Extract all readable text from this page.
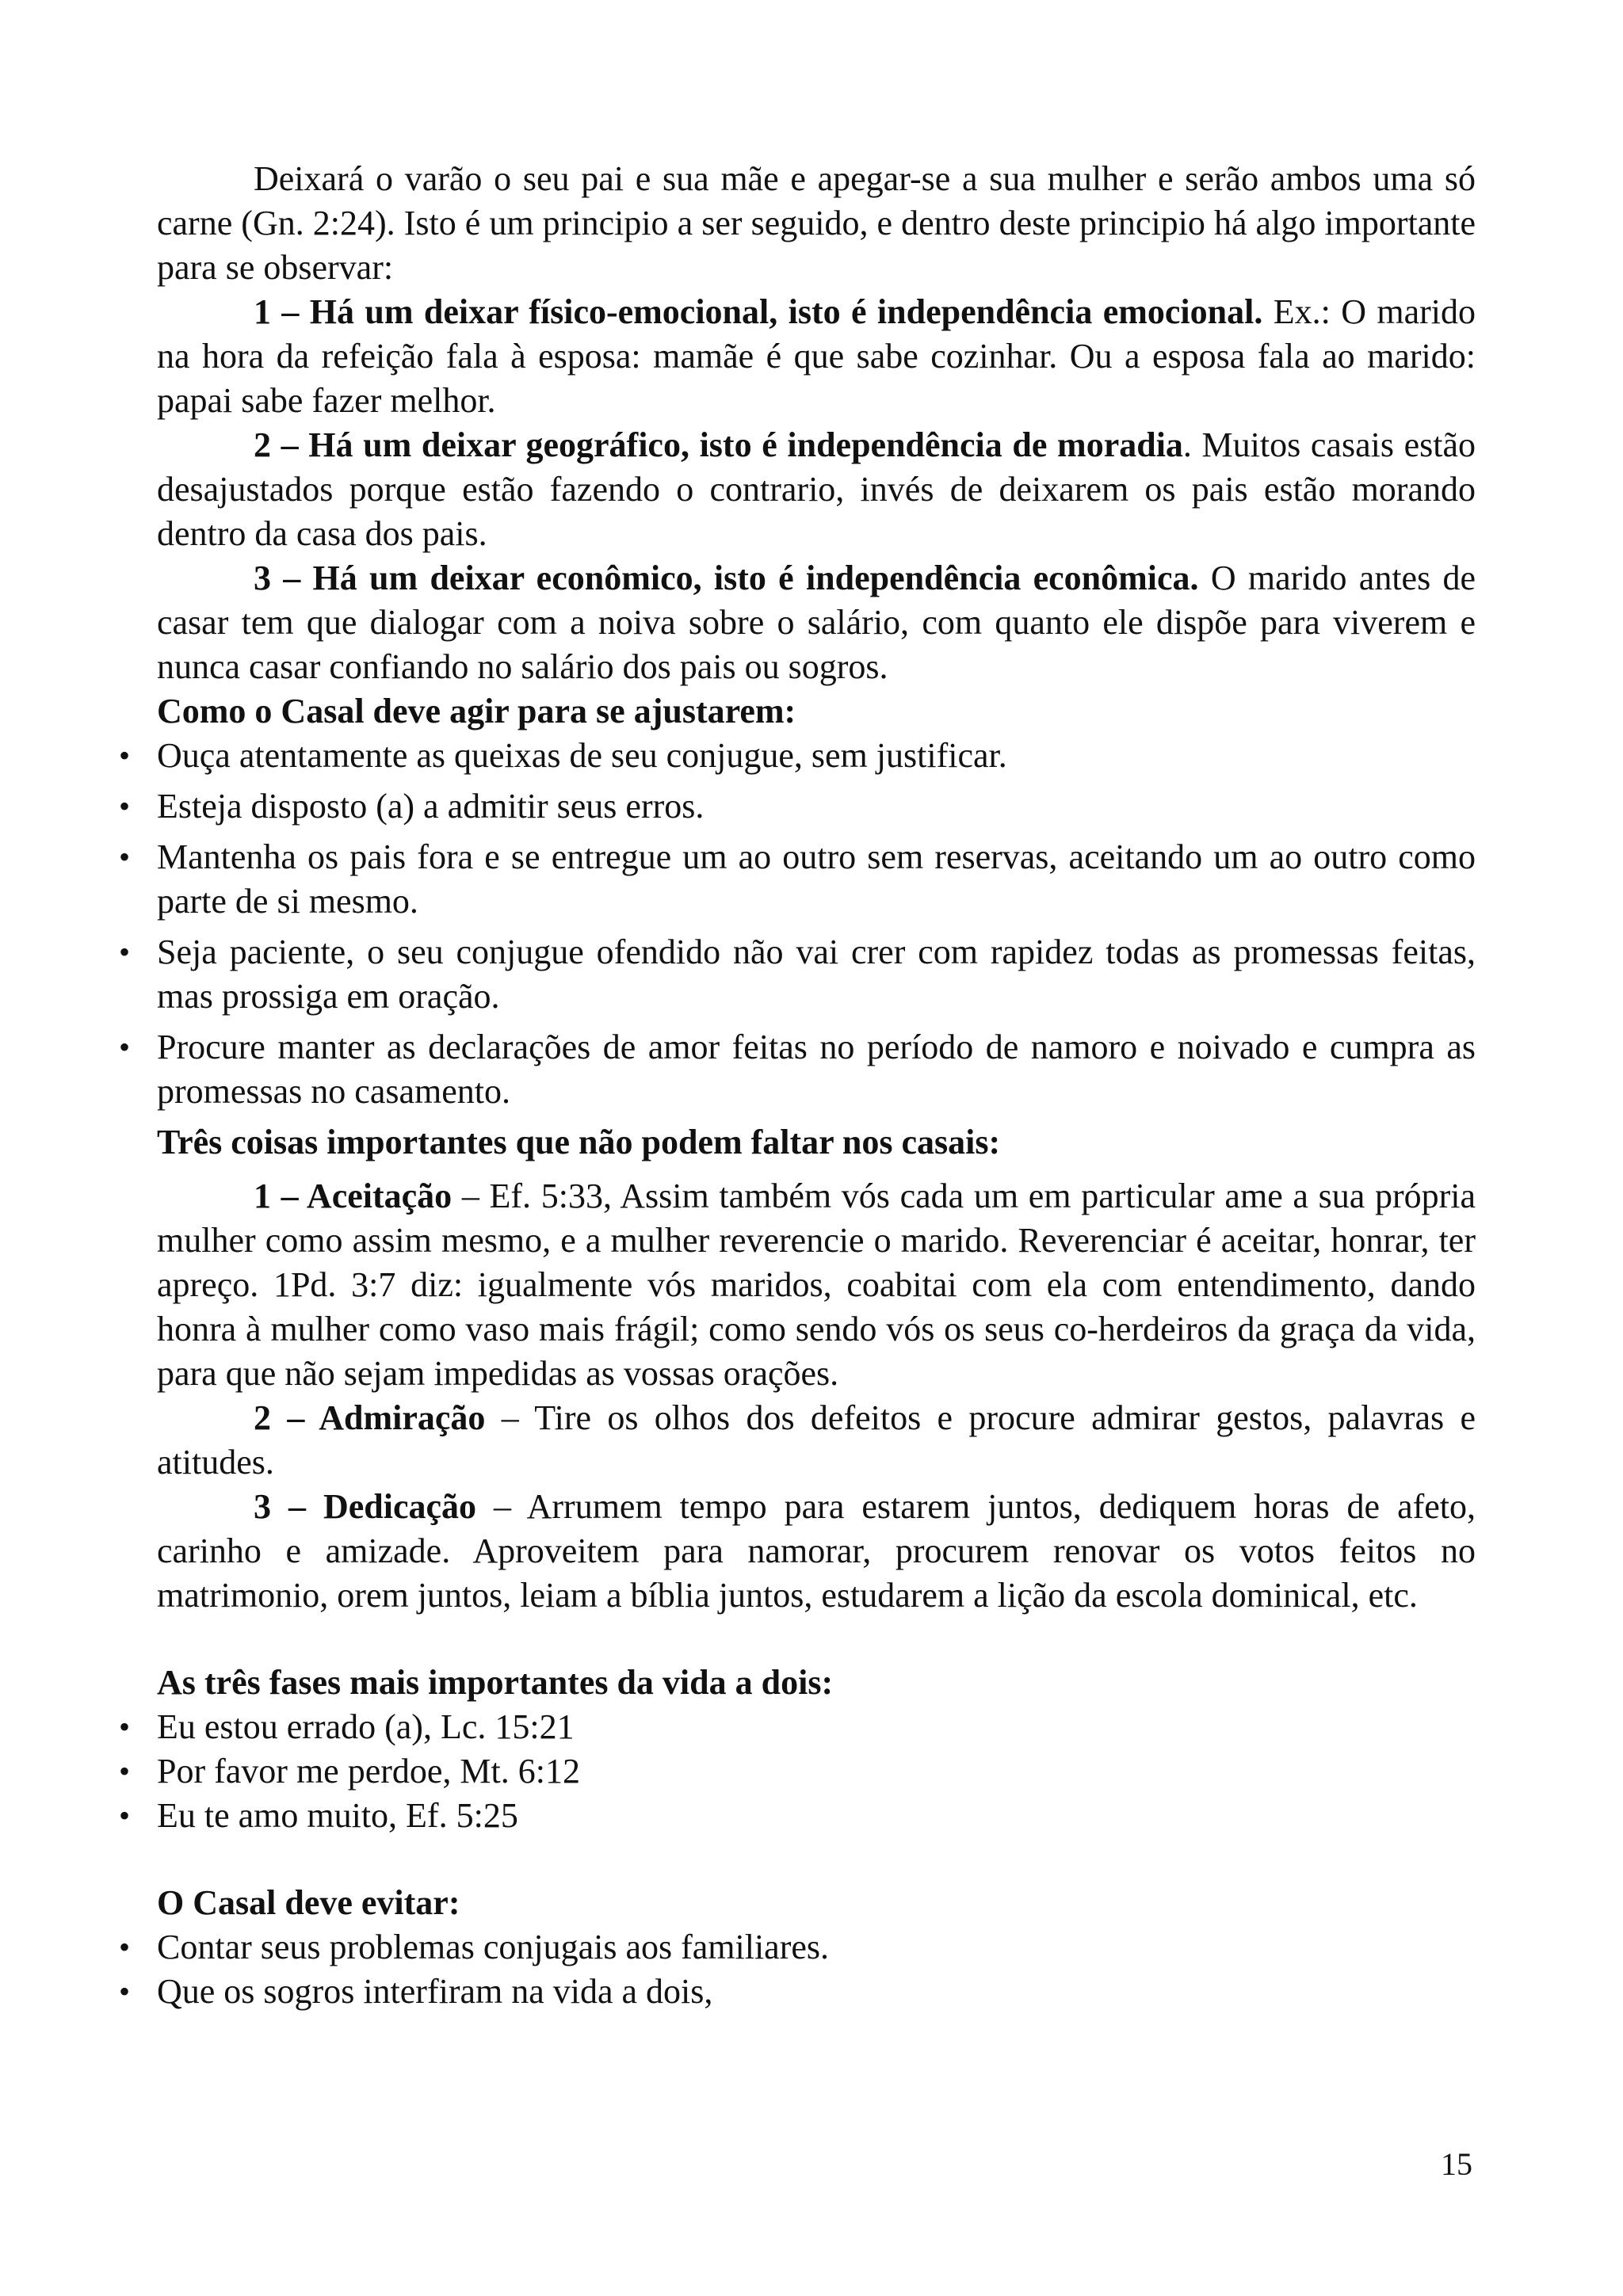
Deixará o varão o seu pai e sua mãe e apegar-se a sua mulher e serão ambos uma só carne (Gn. 2:24). Isto é um principio a ser seguido, e dentro deste principio há algo importante para se observar:

1 – Há um deixar físico-emocional, isto é independência emocional. Ex.: O marido na hora da refeição fala à esposa: mamãe é que sabe cozinhar. Ou a esposa fala ao marido: papai sabe fazer melhor.

2 – Há um deixar geográfico, isto é independência de moradia. Muitos casais estão desajustados porque estão fazendo o contrario, invés de deixarem os pais estão morando dentro da casa dos pais.

3 – Há um deixar econômico, isto é independência econômica. O marido antes de casar tem que dialogar com a noiva sobre o salário, com quanto ele dispõe para viverem e nunca casar confiando no salário dos pais ou sogros.

Como o Casal deve agir para se ajustarem:

• Ouça atentamente as queixas de seu conjugue, sem justificar.
• Esteja disposto (a) a admitir seus erros.
• Mantenha os pais fora e se entregue um ao outro sem reservas, aceitando um ao outro como parte de si mesmo.
• Seja paciente, o seu conjugue ofendido não vai crer com rapidez todas as promessas feitas, mas prossiga em oração.
• Procure manter as declarações de amor feitas no período de namoro e noivado e cumpra as promessas no casamento.

Três coisas importantes que não podem faltar nos casais:

1 – Aceitação – Ef. 5:33, Assim também vós cada um em particular ame a sua própria mulher como assim mesmo, e a mulher reverencie o marido. Reverenciar é aceitar, honrar, ter apreço. 1Pd. 3:7 diz: igualmente vós maridos, coabitai com ela com entendimento, dando honra à mulher como vaso mais frágil; como sendo vós os seus co-herdeiros da graça da vida, para que não sejam impedidas as vossas orações.

2 – Admiração – Tire os olhos dos defeitos e procure admirar gestos, palavras e atitudes.

3 – Dedicação – Arrumem tempo para estarem juntos, dediquem horas de afeto, carinho e amizade. Aproveitem para namorar, procurem renovar os votos feitos no matrimonio, orem juntos, leiam a bíblia juntos, estudarem a lição da escola dominical, etc.

As três fases mais importantes da vida a dois:

• Eu estou errado (a), Lc. 15:21
• Por favor me perdoe, Mt. 6:12
• Eu te amo muito, Ef. 5:25

O Casal deve evitar:

• Contar seus problemas conjugais aos familiares.
• Que os sogros interfiram na vida a dois,
15
